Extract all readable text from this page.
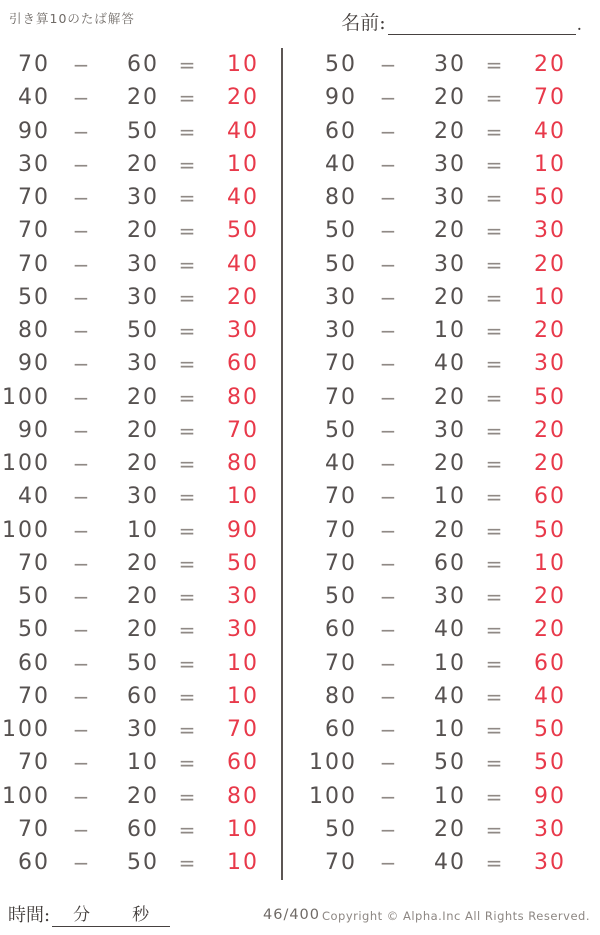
引き算10のたば解答	名前:	.
70	−	60 =	10
40	−	20 =	20
90	−	50 =	40
30	−	20 =	10
70	−	30 =	40
70	−	20 =	50
70	−	30 =	40
50	−	30 =	20
80	−	50 =	30
90	−	30 =	60
100	−	20 =	80
90	−	20 =	70
100	−	20 =	80
40	−	30 =	10
100	−	10 =	90
70	−	20 =	50
50	−	20 =	30
50	−	20 =	30
60	−	50 =	10
70	−	60 =	10
100	−	30 =	70
70	−	10 =	60
100	−	20 =	80
70	−	60 =	10
60	−	50 =	10
50	−	30 =	20
90	−	20 =	70
60	−	20 =	40
40	−	30 =	10
80	−	30 =	50
50	−	20 =	30
50	−	30 =	20
30	−	20 =	10
30	−	10 =	20
70	−	40 =	30
70	−	20 =	50
50	−	30 =	20
40	−	20 =	20
70	−	10 =	60
70	−	20 =	50
70	−	60 =	10
50	−	30 =	20
60	−	40 =	20
70	−	10 =	60
80	−	40 =	40
60	−	10 =	50
100	−	50 =	50
100	−	10 =	90
50	−	20 =	30
70	−	40 =	30
時間: 分 秒	46/400 Copyright © Alpha.Inc All Rights Reserved.
